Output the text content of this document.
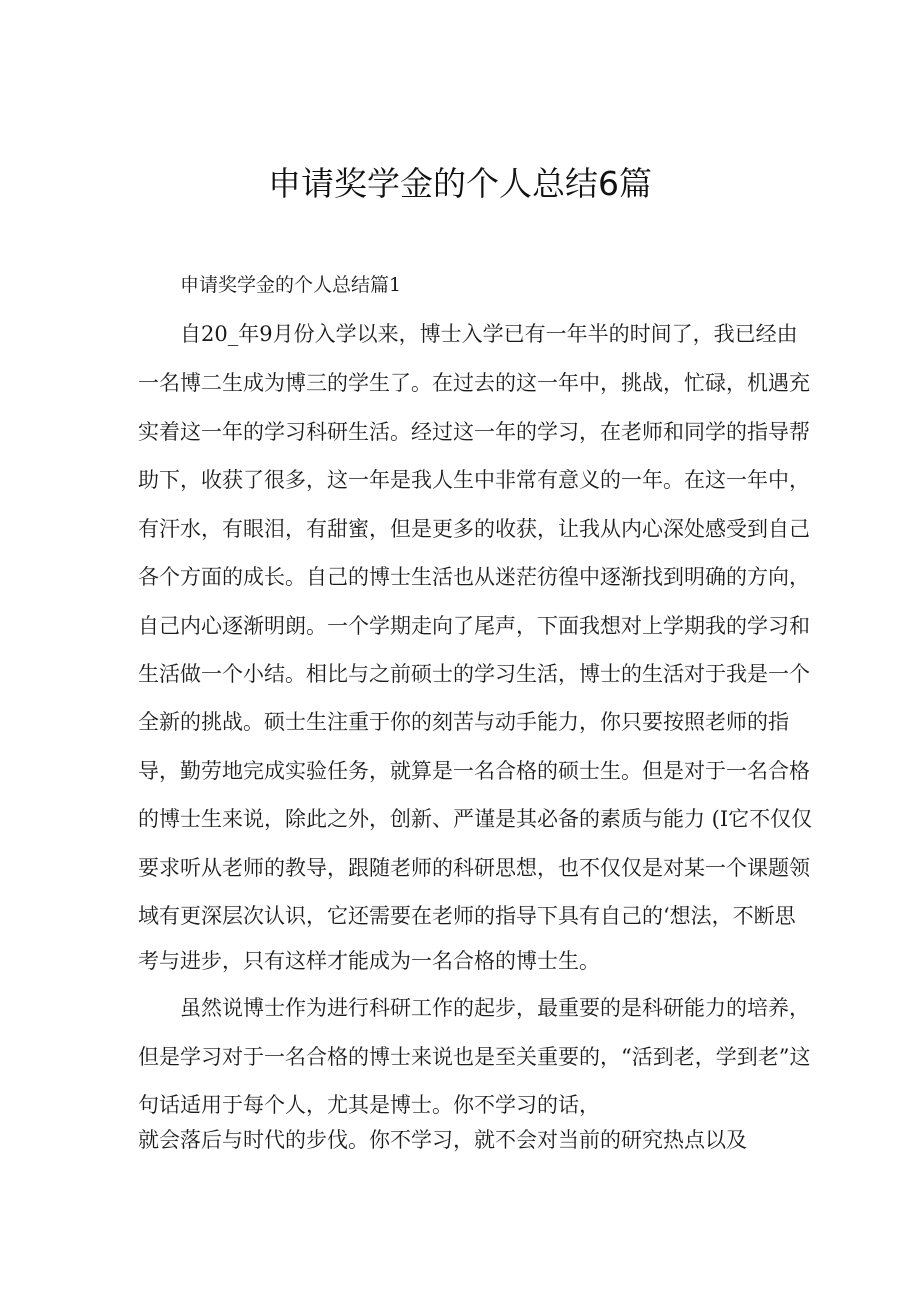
申请奖学金的个人总结6篇
申请奖学金的个人总结篇1
自20_年9月份入学以来，博士入学已有一年半的时间了，我已经由
一名博二生成为博三的学生了。在过去的这一年中，挑战，忙碌，机遇充
实着这一年的学习科研生活。经过这一年的学习，在老师和同学的指导帮
助下，收获了很多，这一年是我人生中非常有意义的一年。在这一年中，
有汗水，有眼泪，有甜蜜，但是更多的收获，让我从内心深处感受到自己
各个方面的成长。自己的博士生活也从迷茫彷徨中逐渐找到明确的方向，
自己内心逐渐明朗。一个学期走向了尾声，下面我想对上学期我的学习和
生活做一个小结。相比与之前硕士的学习生活，博士的生活对于我是一个
全新的挑战。硕士生注重于你的刻苦与动手能力，你只要按照老师的指
导，勤劳地完成实验任务，就算是一名合格的硕士生。但是对于一名合格
的博士生来说，除此之外，创新、严谨是其必备的素质与能力 (I它不仅仅
要求听从老师的教导，跟随老师的科研思想，也不仅仅是对某一个课题领
域有更深层次认识，它还需要在老师的指导下具有自己的‘想法，不断思
考与进步，只有这样才能成为一名合格的博士生。
虽然说博士作为进行科研工作的起步，最重要的是科研能力的培养，
但是学习对于一名合格的博士来说也是至关重要的，“活到老，学到老”这
句话适用于每个人，尤其是博士。你不学习的话，
就会落后与时代的步伐。你不学习，就不会对当前的研究热点以及
